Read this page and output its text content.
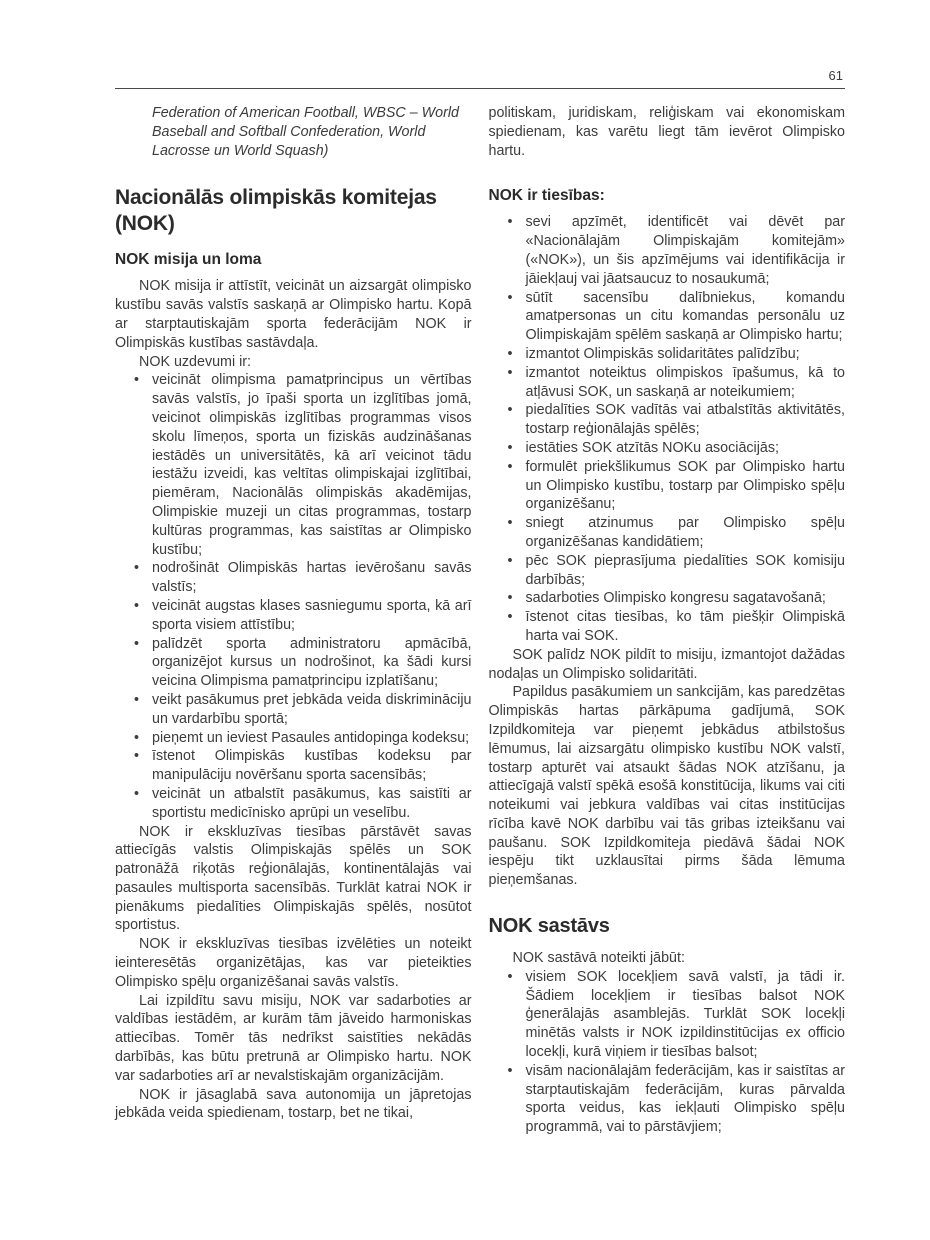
61

Federation of American Football, WBSC – World Baseball and Softball Confederation, World Lacrosse un World Squash)

Nacionālās olimpiskās komitejas (NOK)
NOK misija un loma

NOK misija ir attīstīt, veicināt un aizsargāt olimpisko kustību savās valstīs saskaņā ar Olimpisko hartu. Kopā ar starptautiskajām sporta federācijām NOK ir Olimpiskās kustības sastāvdaļa.

NOK uzdevumi ir:

• veicināt olimpisma pamatprincipus un vērtības savās valstīs, jo īpaši sporta un izglītības jomā, veicinot olimpiskās izglītības programmas visos skolu līmeņos, sporta un fiziskās audzināšanas iestādēs un universitātēs, kā arī veicinot tādu iestāžu izveidi, kas veltītas olimpiskajai izglītībai, piemēram, Nacionālās olimpiskās akadēmijas, Olimpiskie muzeji un citas programmas, tostarp kultūras programmas, kas saistītas ar Olimpisko kustību;
• nodrošināt Olimpiskās hartas ievērošanu savās valstīs;
• veicināt augstas klases sasniegumu sporta, kā arī sporta visiem attīstību;
• palīdzēt sporta administratoru apmācībā, organizējot kursus un nodrošinot, ka šādi kursi veicina Olimpisma pamatprincipu izplatīšanu;
• veikt pasākumus pret jebkāda veida diskrimināciju un vardarbību sportā;
• pieņemt un ieviest Pasaules antidopinga kodeksu;
• īstenot Olimpiskās kustības kodeksu par manipulāciju novēršanu sporta sacensībās;
• veicināt un atbalstīt pasākumus, kas saistīti ar sportistu medicīnisko aprūpi un veselību.

NOK ir ekskluzīvas tiesības pārstāvēt savas attiecīgās valstis Olimpiskajās spēlēs un SOK patronāžā riķotās reģionālajās, kontinentālajās vai pasaules multisporta sacensībās. Turklāt katrai NOK ir pienākums piedalīties Olimpiskajās spēlēs, nosūtot sportistus.

NOK ir ekskluzīvas tiesības izvēlēties un noteikt ieinteresētās organizētājas, kas var pieteikties Olimpisko spēļu organizēšanai savās valstīs.

Lai izpildītu savu misiju, NOK var sadarboties ar valdības iestādēm, ar kurām tām jāveido harmoniskas attiecības. Tomēr tās nedrīkst saistīties nekādās darbībās, kas būtu pretrunā ar Olimpisko hartu. NOK var sadarboties arī ar nevalstiskajām organizācijām.

NOK ir jāsaglabā sava autonomija un jāpretojas jebkāda veida spiedienam, tostarp, bet ne tikai,

politiskam, juridiskam, reliģiskam vai ekonomiskam spiedienam, kas varētu liegt tām ievērot Olimpisko hartu.

NOK ir tiesības:
• sevi apzīmēt, identificēt vai dēvēt par «Nacionālajām Olimpiskajām komitejām» («NOK»), un šis apzīmējums vai identifikācija ir jāiekļauj vai jāatsaucuz to nosaukumā;
• sūtīt sacensību dalībniekus, komandu amatpersonas un citu komandas personālu uz Olimpiskajām spēlēm saskaņā ar Olimpisko hartu;
• izmantot Olimpiskās solidaritātes palīdzību;
• izmantot noteiktus olimpiskos īpašumus, kā to atļāvusi SOK, un saskaņā ar noteikumiem;
• piedalīties SOK vadītās vai atbalstītās aktivitātēs, tostarp reģionālajās spēlēs;
• iestāties SOK atzītās NOKu asociācijās;
• formulēt priekšlikumus SOK par Olimpisko hartu un Olimpisko kustību, tostarp par Olimpisko spēļu organizēšanu;
• sniegt atzinumus par Olimpisko spēļu organizēšanas kandidātiem;
• pēc SOK pieprasījuma piedalīties SOK komisiju darbībās;
• sadarboties Olimpisko kongresu sagatavošanā;
• īstenot citas tiesības, ko tām piešķir Olimpiskā harta vai SOK.

SOK palīdz NOK pildīt to misiju, izmantojot dažādas nodaļas un Olimpisko solidaritāti.

Papildus pasākumiem un sankcijām, kas paredzētas Olimpiskās hartas pārkāpuma gadījumā, SOK Izpildkomiteja var pieņemt jebkādus atbilstošus lēmumus, lai aizsargātu olimpisko kustību NOK valstī, tostarp apturēt vai atsaukt šādas NOK atzīšanu, ja attiecīgajā valstī spēkā esošā konstitūcija, likums vai citi noteikumi vai jebkura valdības vai citas institūcijas rīcība kavē NOK darbību vai tās gribas izteikšanu vai paušanu. SOK Izpildkomiteja piedāvā šādai NOK iespēju tikt uzklausītai pirms šāda lēmuma pieņemšanas.

NOK sastāvs

NOK sastāvā noteikti jābūt:

• visiem SOK locekļiem savā valstī, ja tādi ir. Šādiem locekļiem ir tiesības balsot NOK ģenerālajās asamblejās. Turklāt SOK locekļi minētās valsts ir NOK izpildinstitūcijas ex officio locekļi, kurā viņiem ir tiesības balsot;
• visām nacionālajām federācijām, kas ir saistītas ar starptautiskajām federācijām, kuras pārvalda sporta veidus, kas iekļauti Olimpisko spēļu programmā, vai to pārstāvjiem;
